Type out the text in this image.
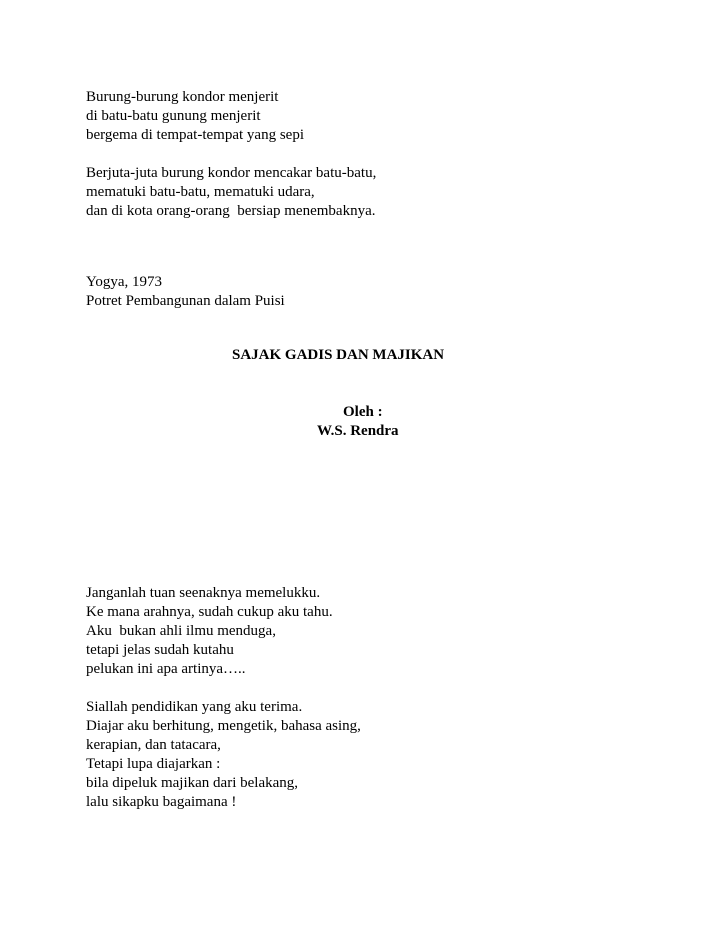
Burung-burung kondor menjerit
di batu-batu gunung menjerit
bergema di tempat-tempat yang sepi
Berjuta-juta burung kondor mencakar batu-batu,
mematuki batu-batu, mematuki udara,
dan di kota orang-orang  bersiap menembaknya.
Yogya, 1973
Potret Pembangunan dalam Puisi
SAJAK GADIS DAN MAJIKAN
Oleh :
W.S. Rendra
Janganlah tuan seenaknya memelukku.
Ke mana arahnya, sudah cukup aku tahu.
Aku  bukan ahli ilmu menduga,
tetapi jelas sudah kutahu
pelukan ini apa artinya…..
Siallah pendidikan yang aku terima.
Diajar aku berhitung, mengetik, bahasa asing,
kerapian, dan tatacara,
Tetapi lupa diajarkan :
bila dipeluk majikan dari belakang,
lalu sikapku bagaimana !
